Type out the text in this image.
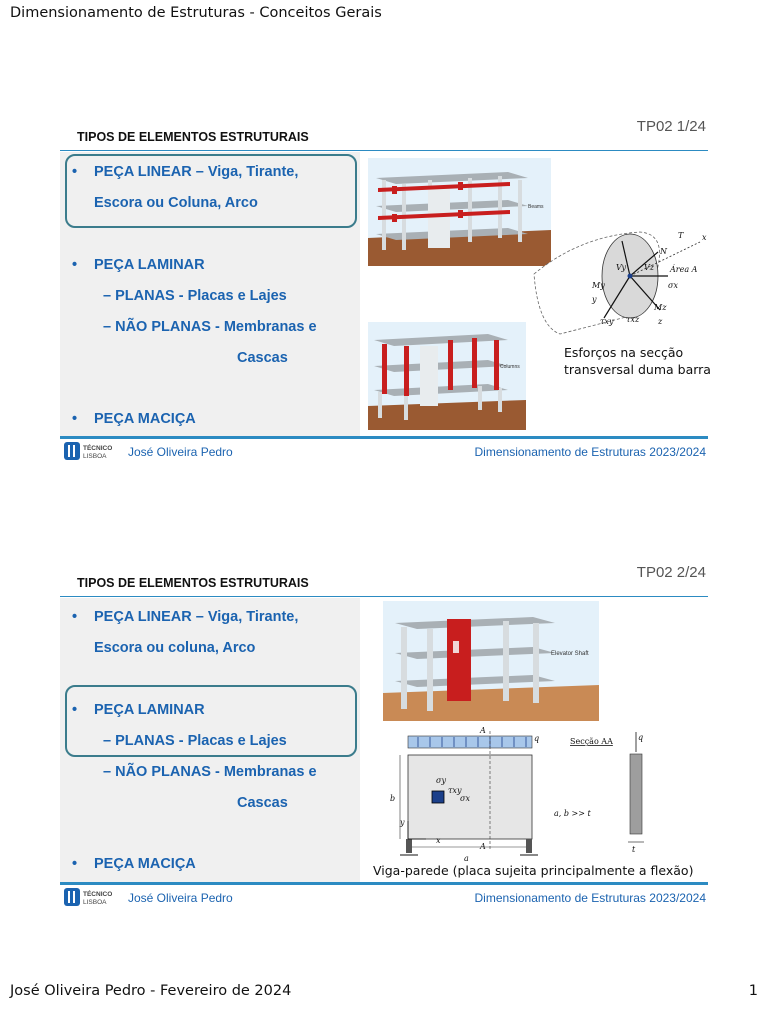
Dimensionamento de Estruturas - Conceitos Gerais
TP02 1/24
TIPOS DE ELEMENTOS ESTRUTURAIS
• PEÇA LINEAR – Viga, Tirante,
Escora ou Coluna, Arco
• PEÇA LAMINAR
– PLANAS - Placas e Lajes
– NÃO PLANAS - Membranas e
Cascas
• PEÇA MACIÇA
Beams
Columns
T x
N
Vy Vz Área A
My	σx
y
Mz
τxy τxz z
Esforços na secção transversal duma barra
TÉCNICO
LISBOA José Oliveira Pedro	Dimensionamento de Estruturas 2023/2024
TP02 2/24
TIPOS DE ELEMENTOS ESTRUTURAIS
• PEÇA LINEAR – Viga, Tirante,
Escora ou coluna, Arco
• PEÇA LAMINAR
– PLANAS - Placas e Lajes
– NÃO PLANAS - Membranas e
Cascas
• PEÇA MACIÇA
Elevator Shaft
A
q
b
y
σy
τxy
σx
x
A
a
Secção AA	q
a, b >> t
t
Viga-parede (placa sujeita principalmente a flexão)
TÉCNICO
LISBOA José Oliveira Pedro	Dimensionamento de Estruturas 2023/2024
José Oliveira Pedro - Fevereiro de 2024	1
